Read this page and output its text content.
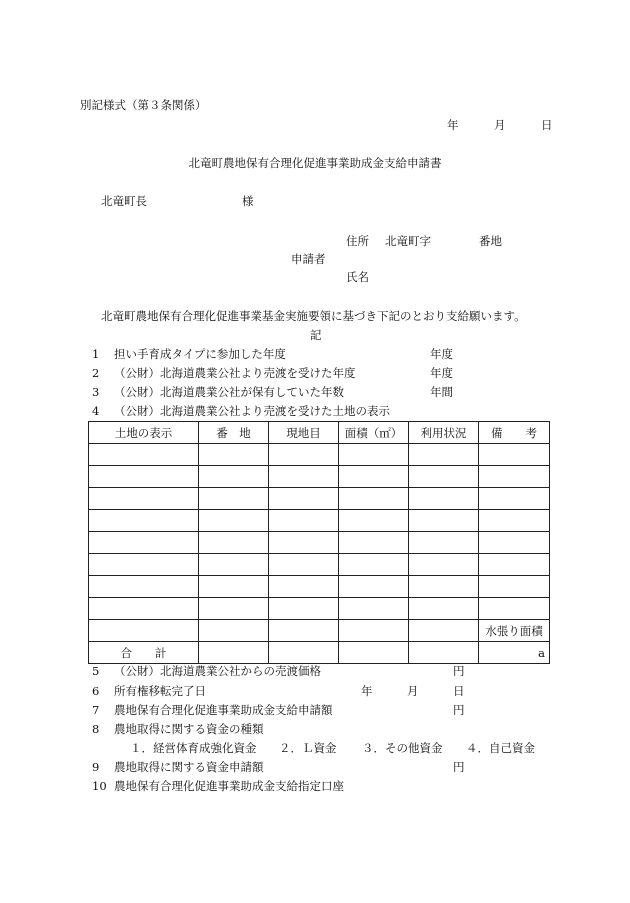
別記様式（第３条関係）
年	月	日
北竜町農地保有合理化促進事業助成金支給申請書
北竜町長	様
住所 北竜町字	番地
申請者
氏名
北竜町農地保有合理化促進事業基金実施要領に基づき下記のとおり支給願います。
記
1 担い手育成タイプに参加した年度	年度
2 （公財）北海道農業公社より売渡を受けた年度	年度
3 （公財）北海道農業公社が保有していた年数	年間
4 （公財）北海道農業公社より売渡を受けた土地の表示
土地の表示	番　地	現地目	面積（㎡）	利用状況	備　　考

					水張り面積
合　　計					a
5 （公財）北海道農業公社からの売渡価格	円
6 所有権移転完了日	年	月	日
7 農地保有合理化促進事業助成金支給申請額	円
8 農地取得に関する資金の種類
１．経営体育成強化資金 ２．Ｌ資金 ３．その他資金 ４．自己資金
9 農地取得に関する資金申請額	円
10 農地保有合理化促進事業助成金支給指定口座
